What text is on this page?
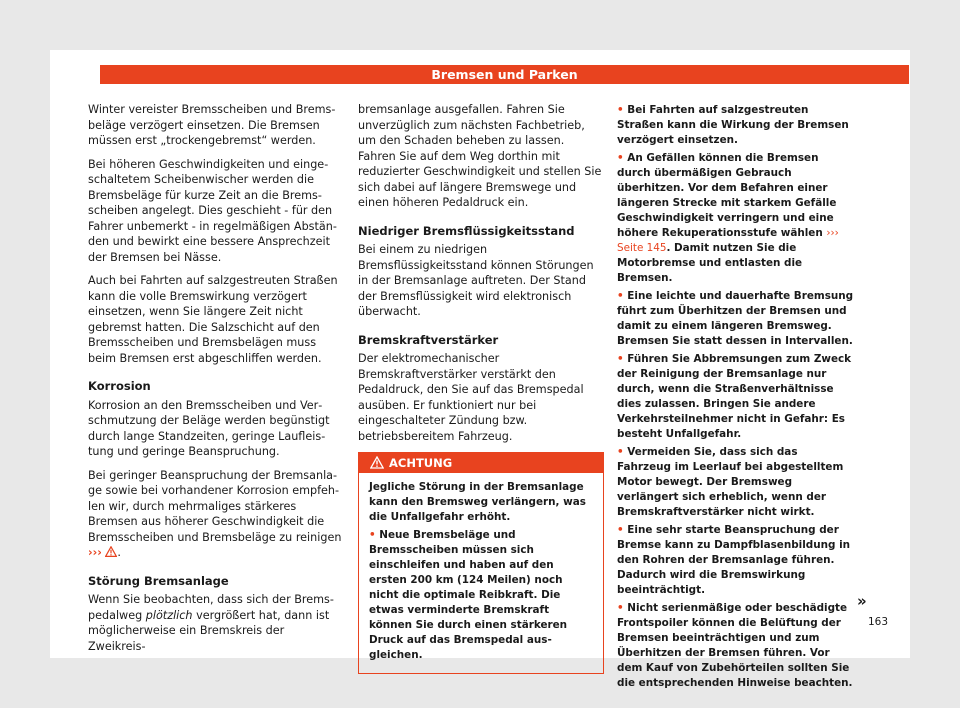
Bremsen und Parken

Winter vereister Bremsscheiben und Bremsbeläge verzögert einsetzen. Die Bremsen müssen erst „trockengebremst“ werden.

Bei höheren Geschwindigkeiten und eingeschaltetem Scheibenwischer werden die Bremsbeläge für kurze Zeit an die Bremsscheiben angelegt. Dies geschieht - für den Fahrer unbemerkt - in regelmäßigen Abständen und bewirkt eine bessere Ansprechzeit der Bremsen bei Nässe.

Auch bei Fahrten auf salzgestreuten Straßen kann die volle Bremswirkung verzögert einsetzen, wenn Sie längere Zeit nicht gebremst hatten. Die Salzschicht auf den Bremsscheiben und Bremsbelägen muss beim Bremsen erst abgeschliffen werden.

Korrosion

Korrosion an den Bremsscheiben und Verschmutzung der Beläge werden begünstigt durch lange Standzeiten, geringe Laufleistung und geringe Beanspruchung.

Bei geringer Beanspruchung der Bremsanlage sowie bei vorhandener Korrosion empfehlen wir, durch mehrmaliges stärkeres Bremsen aus höherer Geschwindigkeit die Bremsscheiben und Bremsbeläge zu reinigen ››› .

Störung Bremsanlage

Wenn Sie beobachten, dass sich der Bremspedalweg plötzlich vergrößert hat, dann ist möglicherweise ein Bremskreis der Zweikreis-

bremsanlage ausgefallen. Fahren Sie unverzüglich zum nächsten Fachbetrieb, um den Schaden beheben zu lassen. Fahren Sie auf dem Weg dorthin mit reduzierter Geschwindigkeit und stellen Sie sich dabei auf längere Bremswege und einen höheren Pedaldruck ein.

Niedriger Bremsflüssigkeitsstand

Bei einem zu niedrigen Bremsflüssigkeitsstand können Störungen in der Bremsanlage auftreten. Der Stand der Bremsflüssigkeit wird elektronisch überwacht.

Bremskraftverstärker

Der elektromechanischer Bremskraftverstärker verstärkt den Pedaldruck, den Sie auf das Bremspedal ausüben. Er funktioniert nur bei eingeschalteter Zündung bzw. betriebsbereitem Fahrzeug.

ACHTUNG

Jegliche Störung in der Bremsanlage kann den Bremsweg verlängern, was die Unfallgefahr erhöht.

• Neue Bremsbeläge und Bremsscheiben müssen sich einschleifen und haben auf den ersten 200 km (124 Meilen) noch nicht die optimale Reibkraft. Die etwas verminderte Bremskraft können Sie durch einen stärkeren Druck auf das Bremspedal ausgleichen.

• Bei Fahrten auf salzgestreuten Straßen kann die Wirkung der Bremsen verzögert einsetzen.

• An Gefällen können die Bremsen durch übermäßigen Gebrauch überhitzen. Vor dem Befahren einer längeren Strecke mit starkem Gefälle Geschwindigkeit verringern und eine höhere Rekuperationsstufe wählen ››› Seite 145. Damit nutzen Sie die Motorbremse und entlasten die Bremsen.

• Eine leichte und dauerhafte Bremsung führt zum Überhitzen der Bremsen und damit zu einem längeren Bremsweg. Bremsen Sie statt dessen in Intervallen.

• Führen Sie Abbremsungen zum Zweck der Reinigung der Bremsanlage nur durch, wenn die Straßenverhältnisse dies zulassen. Bringen Sie andere Verkehrsteilnehmer nicht in Gefahr: Es besteht Unfallgefahr.

• Vermeiden Sie, dass sich das Fahrzeug im Leerlauf bei abgestelltem Motor bewegt. Der Bremsweg verlängert sich erheblich, wenn der Bremskraftverstärker nicht wirkt.

• Eine sehr starte Beanspruchung der Bremse kann zu Dampfblasenbildung in den Rohren der Bremsanlage führen. Dadurch wird die Bremswirkung beeinträchtigt.

• Nicht serienmäßige oder beschädigte Frontspoiler können die Belüftung der Bremsen beeinträchtigen und zum Überhitzen der Bremsen führen. Vor dem Kauf von Zubehörteilen sollten Sie die entsprechenden Hinweise beachten.

»
163
